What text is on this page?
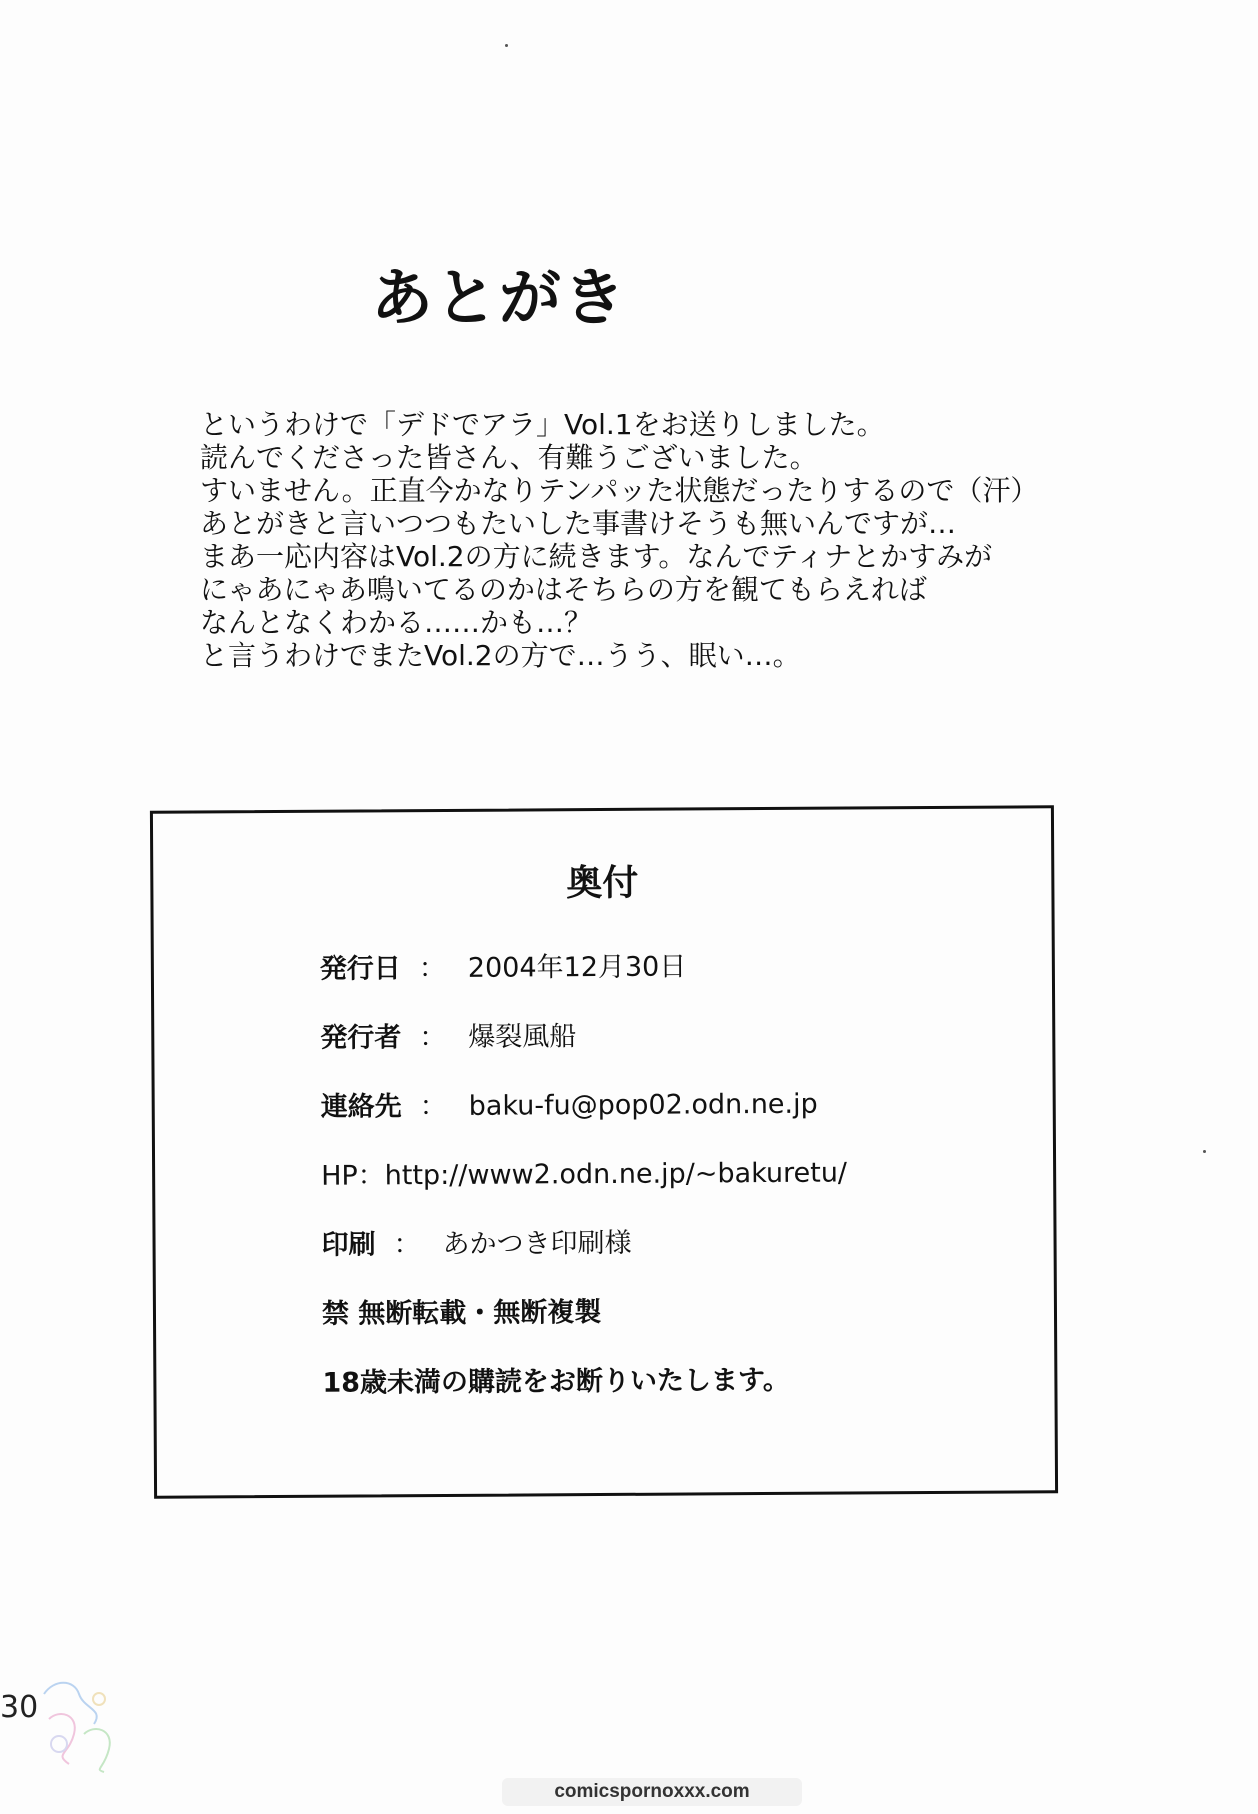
あとがき
というわけで「デドでアラ」Vol.1をお送りしました。
読んでくださった皆さん、有難うございました。
すいません。正直今かなりテンパッた状態だったりするので（汗）
あとがきと言いつつもたいした事書けそうも無いんですが…
まあ一応内容はVol.2の方に続きます。なんでティナとかすみが
にゃあにゃあ鳴いてるのかはそちらの方を観てもらえれば
なんとなくわかる……かも…？
と言うわけでまたVol.2の方で…うう、眠い…。
奥付
発行日 ： 2004年12月30日
発行者 ： 爆裂風船
連絡先 ： baku-fu@pop02.odn.ne.jp
HP：http://www2.odn.ne.jp/~bakuretu/
印刷 ： あかつき印刷様
禁 無断転載・無断複製
18歳未満の購読をお断りいたします。
30
comicspornoxxx.com
